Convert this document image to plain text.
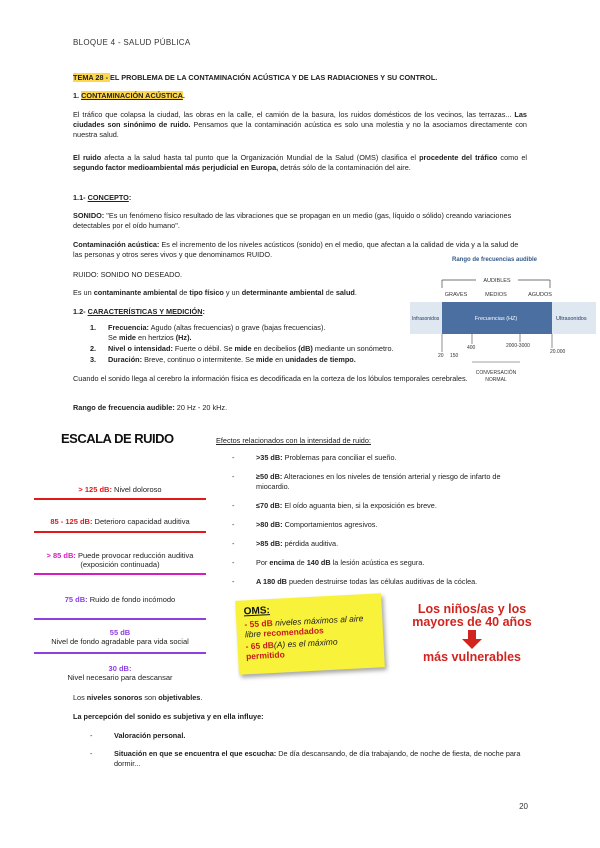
BLOQUE 4 - SALUD PÚBLICA
TEMA 28 - EL PROBLEMA DE LA CONTAMINACIÓN ACÚSTICA Y DE LAS RADIACIONES Y SU CONTROL.
1. CONTAMINACIÓN ACÚSTICA.
El tráfico que colapsa la ciudad, las obras en la calle, el camión de la basura, los ruidos domésticos de los vecinos, las terrazas... Las ciudades son sinónimo de ruido. Pensamos que la contaminación acústica es solo una molestia y no la asociamos directamente con nuestra salud.
El ruido afecta a la salud hasta tal punto que la Organización Mundial de la Salud (OMS) clasifica el procedente del tráfico como el segundo factor medioambiental más perjudicial en Europa, detrás sólo de la contaminación del aire.
1.1- CONCEPTO:
SONIDO: "Es un fenómeno físico resultado de las vibraciones que se propagan en un medio (gas, líquido o sólido) creando variaciones detectables por el oído humano".
Contaminación acústica: Es el incremento de los niveles acústicos (sonido) en el medio, que afectan a la calidad de vida y a la salud de las personas y otros seres vivos y que denominamos RUIDO.
RUIDO: SONIDO NO DESEADO.
Es un contaminante ambiental de tipo físico y un determinante ambiental de salud.
1.2- CARACTERÍSTICAS Y MEDICIÓN:
1. Frecuencia: Agudo (altas frecuencias) o grave (bajas frecuencias).
Se mide en hertzios (Hz).
2. Nivel o intensidad: Fuerte o débil. Se mide en decibelios (dB) mediante un sonómetro.
3. Duración: Breve, continuo o intermitente. Se mide en unidades de tiempo.
Rango de frecuencias audible
AUDIBLES
GRAVES	MEDIOS	AGUDOS
Infrasonidos	Frecuencias (HZ)	Ultrasonidos
20 150
400	2000-3000
20.000
CONVERSACIÓN
NORMAL
Cuando el sonido llega al cerebro la información física es decodificada en la corteza de los lóbulos temporales cerebrales.
Rango de frecuencia audible: 20 Hz - 20 kHz.
ESCALA DE RUIDO
> 125 dB: Nivel doloroso
85 - 125 dB: Deterioro capacidad auditiva
> 85 dB: Puede provocar reducción auditiva (exposición continuada)
75 dB: Ruido de fondo incómodo
55 dB
Nivel de fondo agradable para vida social
30 dB:
Nivel necesario para descansar
Efectos relacionados con la intensidad de ruido:
- >35 dB: Problemas para conciliar el sueño.
- ≥50 dB: Alteraciones en los niveles de tensión arterial y riesgo de infarto de miocardio.
- ≤70 dB: El oído aguanta bien, si la exposición es breve.
- >80 dB: Comportamientos agresivos.
- >85 dB: pérdida auditiva.
- Por encima de 140 dB la lesión acústica es segura.
- A 180 dB pueden destruirse todas las células auditivas de la cóclea.
OMS:
- 55 dB niveles máximos al aire libre recomendados
- 65 dB(A) es el máximo permitido
Los niños/as y los
mayores de 40 años
más vulnerables
Los niveles sonoros son objetivables.
La percepción del sonido es subjetiva y en ella influye:
- Valoración personal.
- Situación en que se encuentra el que escucha: De día descansando, de día trabajando, de noche de fiesta, de noche para dormir...
20
